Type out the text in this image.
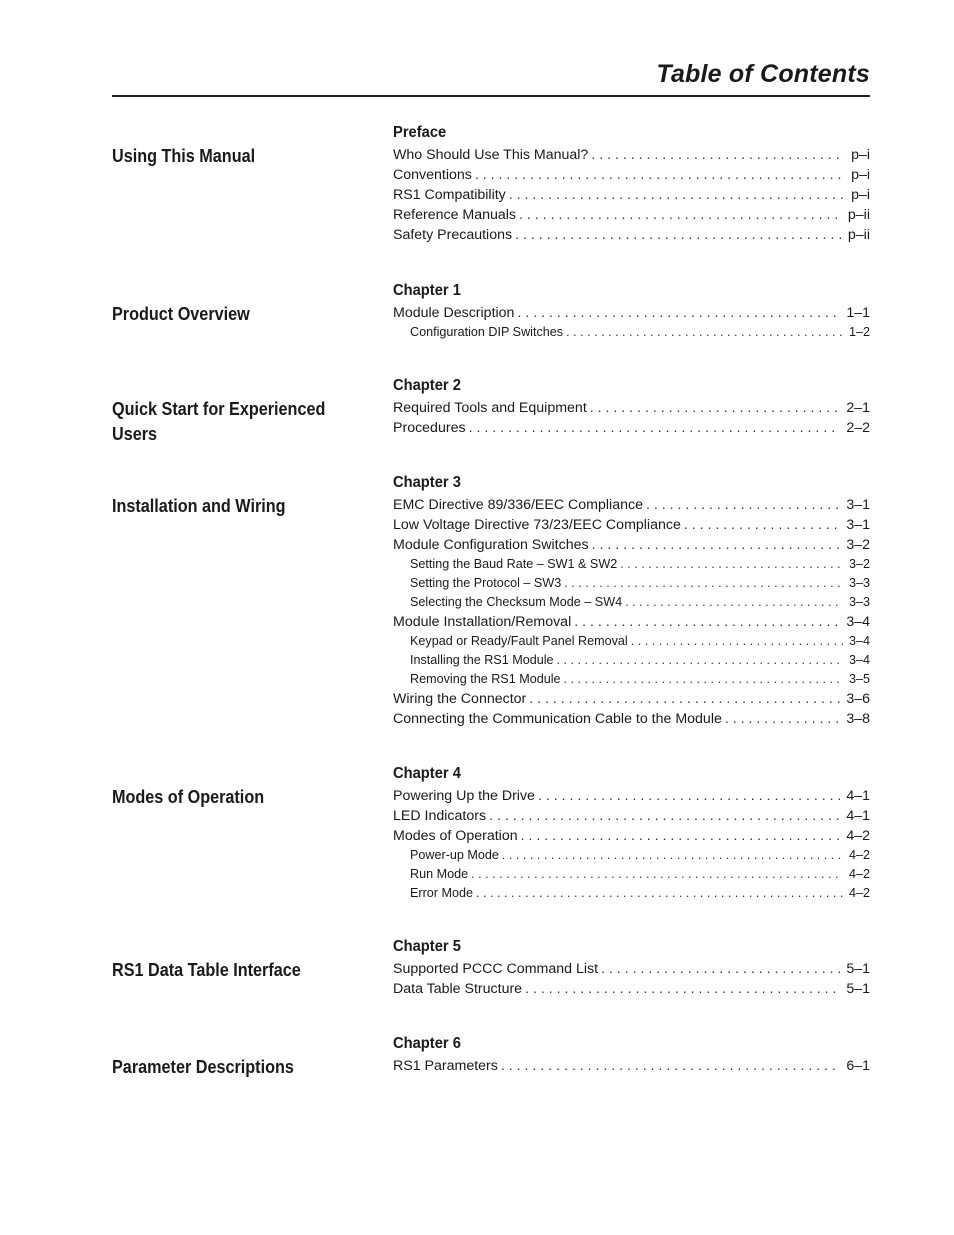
Table of Contents
Using This Manual
Preface
Who Should Use This Manual? . . .	p–i
Conventions . . .	p–i
RS1 Compatibility . . .	p–i
Reference Manuals . . .	p–ii
Safety Precautions . . .	p–ii
Product Overview
Chapter 1
Module Description . . .	1–1
Configuration DIP Switches . . .	1–2
Quick Start for Experienced Users
Chapter 2
Required Tools and Equipment . . .	2–1
Procedures . . .	2–2
Installation and Wiring
Chapter 3
EMC Directive 89/336/EEC Compliance . . .	3–1
Low Voltage Directive 73/23/EEC Compliance . . .	3–1
Module Configuration Switches . . .	3–2
Setting the Baud Rate – SW1 & SW2 . . .	3–2
Setting the Protocol – SW3 . . .	3–3
Selecting the Checksum Mode – SW4 . . .	3–3
Module Installation/Removal . . .	3–4
Keypad or Ready/Fault Panel Removal . . .	3–4
Installing the RS1 Module . . .	3–4
Removing the RS1 Module . . .	3–5
Wiring the Connector . . .	3–6
Connecting the Communication Cable to the Module . . .	3–8
Modes of Operation
Chapter 4
Powering Up the Drive . . .	4–1
LED Indicators . . .	4–1
Modes of Operation . . .	4–2
Power-up Mode . . .	4–2
Run Mode . . .	4–2
Error Mode . . .	4–2
RS1 Data Table Interface
Chapter 5
Supported PCCC Command List . . .	5–1
Data Table Structure . . .	5–1
Parameter Descriptions
Chapter 6
RS1 Parameters . . .	6–1
